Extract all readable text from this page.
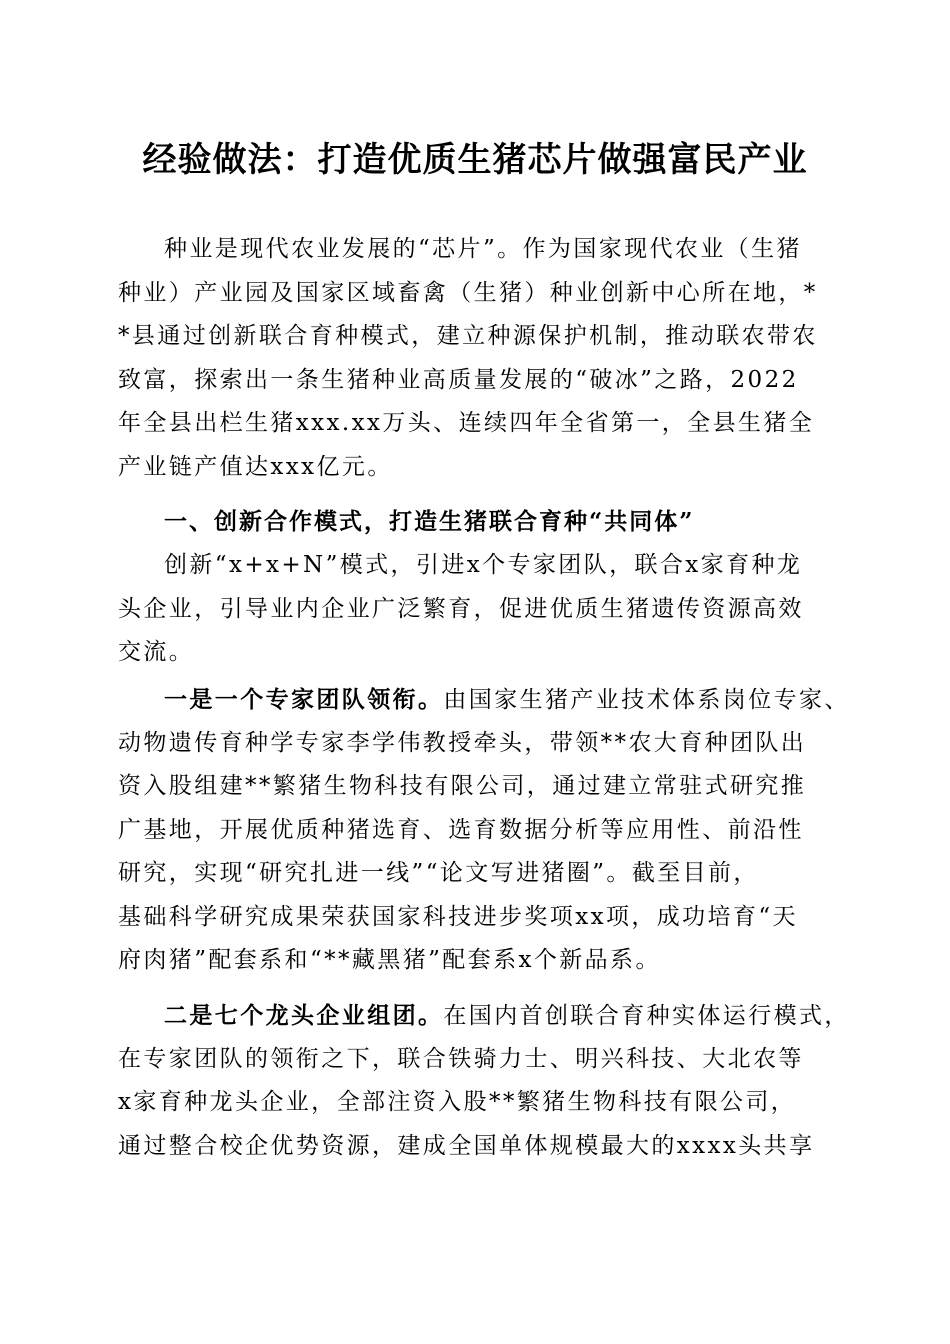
经验做法：打造优质生猪芯片做强富民产业
种业是现代农业发展的“芯片”。作为国家现代农业（生猪
种业）产业园及国家区域畜禽（生猪）种业创新中心所在地，*
*县通过创新联合育种模式，建立种源保护机制，推动联农带农
致富，探索出一条生猪种业高质量发展的“破冰”之路，2022
年全县出栏生猪xxx.xx万头、连续四年全省第一，全县生猪全
产业链产值达xxx亿元。
一、创新合作模式，打造生猪联合育种“共同体”
创新“x+x+N”模式，引进x个专家团队，联合x家育种龙
头企业，引导业内企业广泛繁育，促进优质生猪遗传资源高效
交流。
一是一个专家团队领衔。由国家生猪产业技术体系岗位专家、
动物遗传育种学专家李学伟教授牵头，带领**农大育种团队出
资入股组建**繁猪生物科技有限公司，通过建立常驻式研究推
广基地，开展优质种猪选育、选育数据分析等应用性、前沿性
研究，实现“研究扎进一线”“论文写进猪圈”。截至目前，
基础科学研究成果荣获国家科技进步奖项xx项，成功培育“天
府肉猪”配套系和“**藏黑猪”配套系x个新品系。
二是七个龙头企业组团。在国内首创联合育种实体运行模式，
在专家团队的领衔之下，联合铁骑力士、明兴科技、大北农等
x家育种龙头企业，全部注资入股**繁猪生物科技有限公司，
通过整合校企优势资源，建成全国单体规模最大的xxxx头共享
